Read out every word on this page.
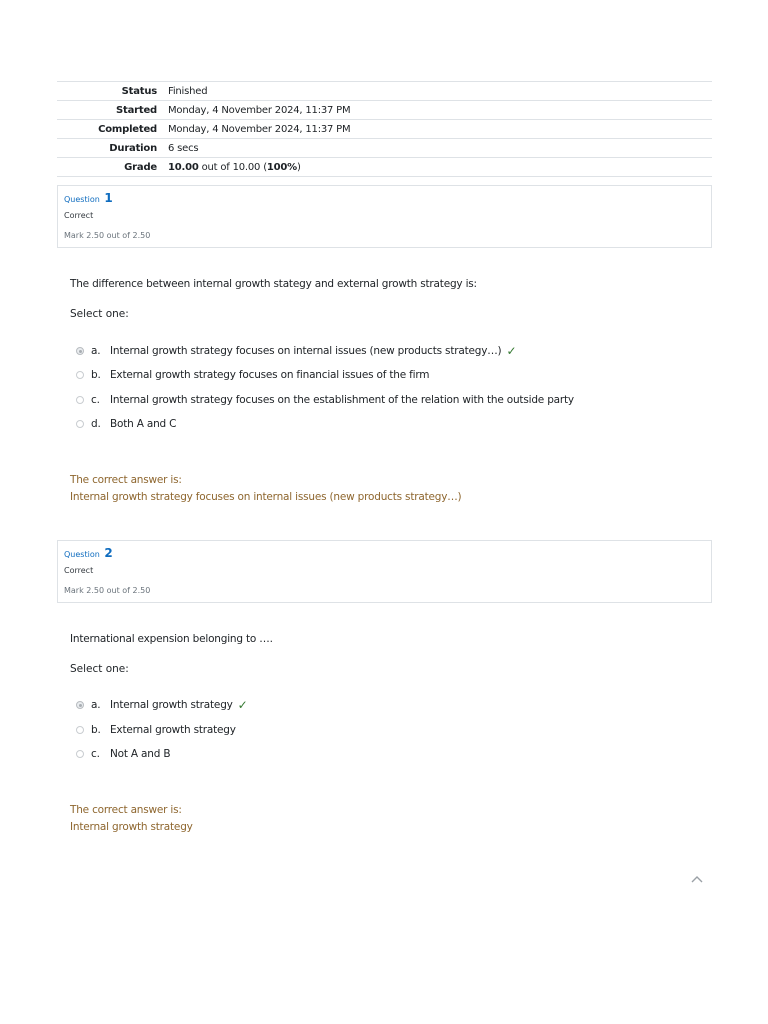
Status	Finished
Started	Monday, 4 November 2024, 11:37 PM
Completed	Monday, 4 November 2024, 11:37 PM
Duration	6 secs
Grade	10.00 out of 10.00 (100%)
Question 1
Correct
Mark 2.50 out of 2.50
The difference between internal growth stategy and external growth strategy is:
Select one:
a. Internal growth strategy focuses on internal issues (new products strategy…) ✓
b. External growth strategy focuses on financial issues of the firm
c. Internal growth strategy focuses on the establishment of the relation with the outside party
d. Both A and C
The correct answer is:
Internal growth strategy focuses on internal issues (new products strategy…)
Question 2
Correct
Mark 2.50 out of 2.50
International expension belonging to ….
Select one:
a. Internal growth strategy ✓
b. External growth strategy
c. Not A and B
The correct answer is:
Internal growth strategy
